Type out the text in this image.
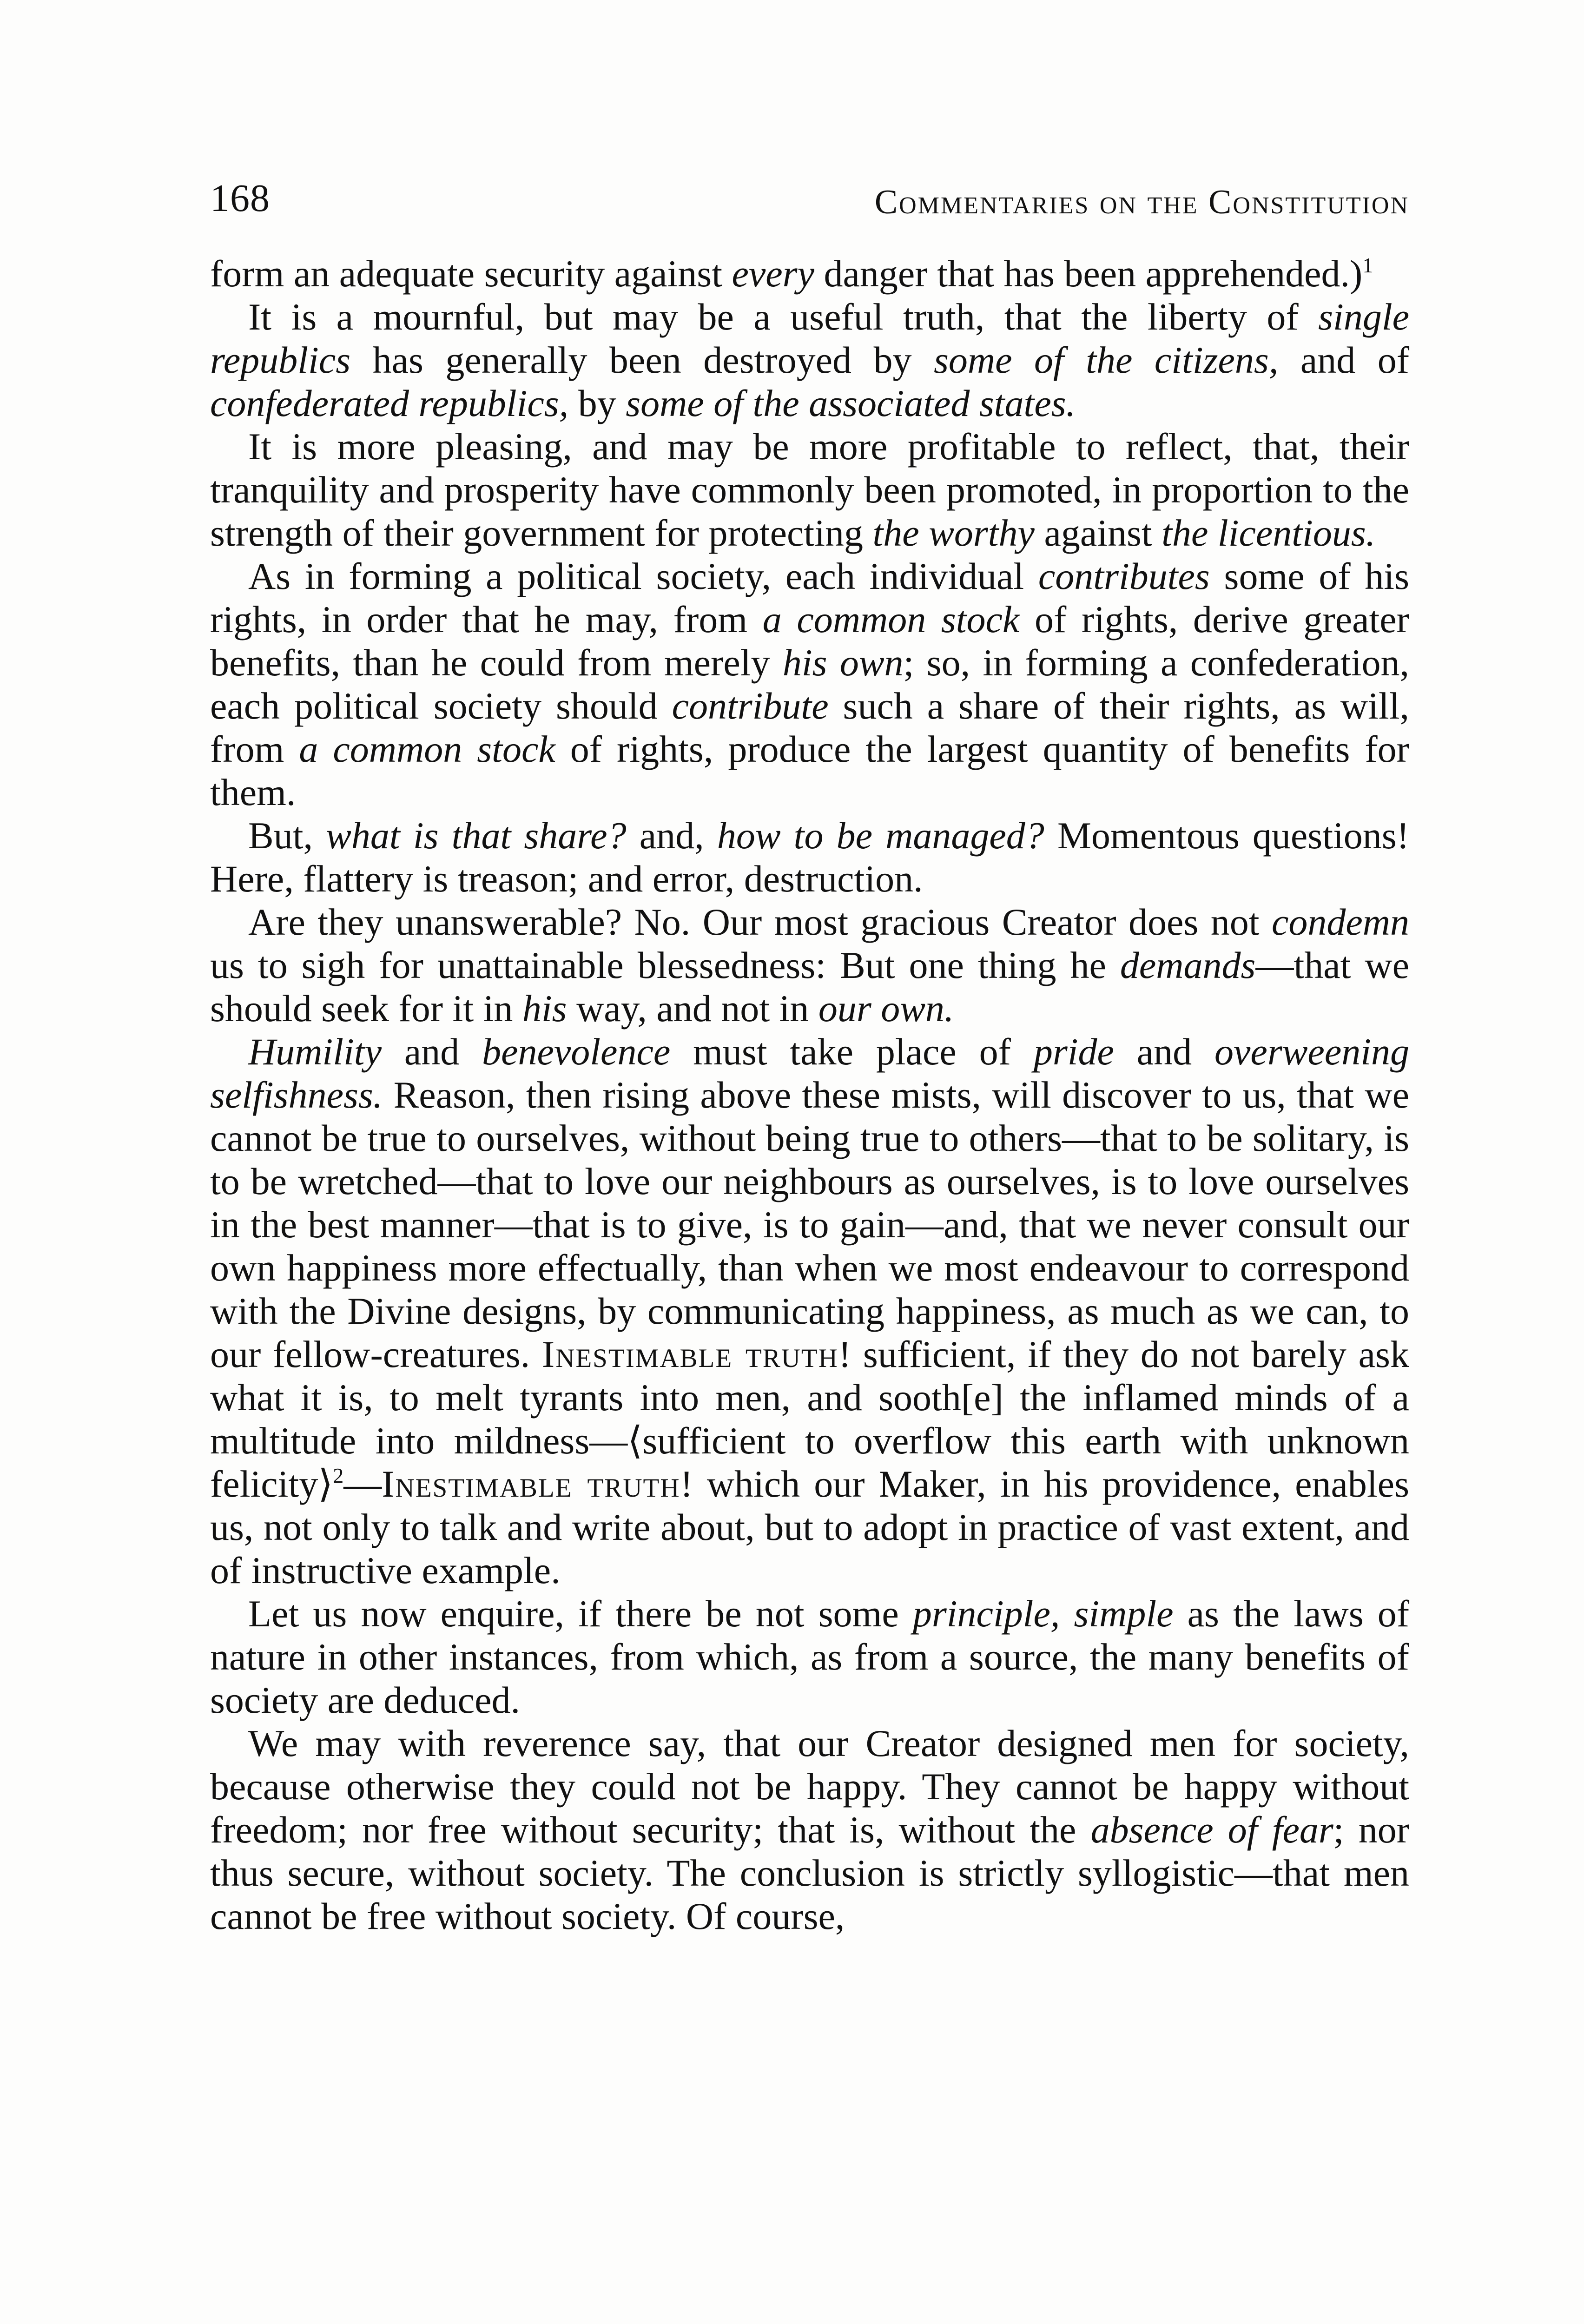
168	Commentaries on the Constitution

form an adequate security against every danger that has been apprehended.)$^1$

It is a mournful, but may be a useful truth, that the liberty of single republics has generally been destroyed by some of the citizens, and of confederated republics, by some of the associated states.

It is more pleasing, and may be more profitable to reflect, that, their tranquility and prosperity have commonly been promoted, in proportion to the strength of their government for protecting the worthy against the licentious.

As in forming a political society, each individual contributes some of his rights, in order that he may, from a common stock of rights, derive greater benefits, than he could from merely his own; so, in forming a confederation, each political society should contribute such a share of their rights, as will, from a common stock of rights, produce the largest quantity of benefits for them.

But, what is that share? and, how to be managed? Momentous questions! Here, flattery is treason; and error, destruction.

Are they unanswerable? No. Our most gracious Creator does not condemn us to sigh for unattainable blessedness: But one thing he demands—that we should seek for it in his way, and not in our own.

Humility and benevolence must take place of pride and overweening selfishness. Reason, then rising above these mists, will discover to us, that we cannot be true to ourselves, without being true to others—that to be solitary, is to be wretched—that to love our neighbours as ourselves, is to love ourselves in the best manner—that is to give, is to gain—and, that we never consult our own happiness more effectually, than when we most endeavour to correspond with the Divine designs, by communicating happiness, as much as we can, to our fellow-creatures. Inestimable truth! sufficient, if they do not barely ask what it is, to melt tyrants into men, and sooth[e] the inflamed minds of a multitude into mildness—⟨sufficient to overflow this earth with unknown felicity⟩$^2$—Inestimable truth! which our Maker, in his providence, enables us, not only to talk and write about, but to adopt in practice of vast extent, and of instructive example.

Let us now enquire, if there be not some principle, simple as the laws of nature in other instances, from which, as from a source, the many benefits of society are deduced.

We may with reverence say, that our Creator designed men for society, because otherwise they could not be happy. They cannot be happy without freedom; nor free without security; that is, without the absence of fear; nor thus secure, without society. The conclusion is strictly syllogistic—that men cannot be free without society. Of course,
